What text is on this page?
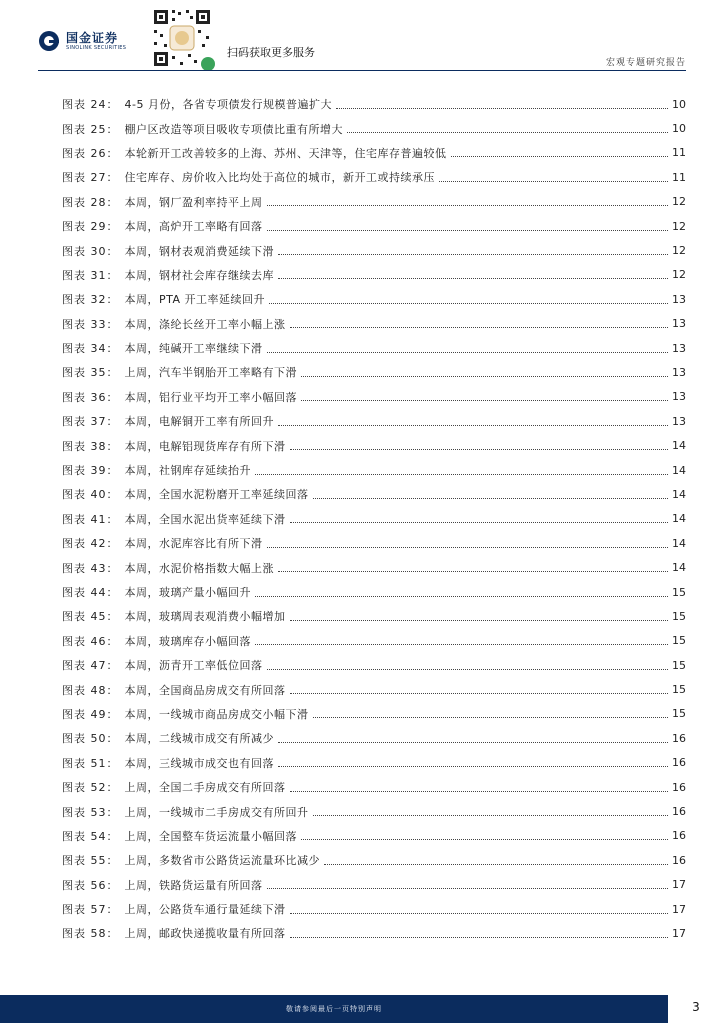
国金证券
SINOLINK SECURITIES	扫码获取更多服务
宏观专题研究报告
图表 24： 4-5 月份，各省专项债发行规模普遍扩大	10
图表 25： 棚户区改造等项目吸收专项债比重有所增大	10
图表 26： 本轮新开工改善较多的上海、苏州、天津等，住宅库存普遍较低	11
图表 27： 住宅库存、房价收入比均处于高位的城市，新开工或持续承压	11
图表 28： 本周，钢厂盈利率持平上周	12
图表 29： 本周，高炉开工率略有回落	12
图表 30： 本周，钢材表观消费延续下滑	12
图表 31： 本周，钢材社会库存继续去库	12
图表 32： 本周，PTA 开工率延续回升	13
图表 33： 本周，涤纶长丝开工率小幅上涨	13
图表 34： 本周，纯碱开工率继续下滑	13
图表 35： 上周，汽车半钢胎开工率略有下滑	13
图表 36： 本周，铝行业平均开工率小幅回落	13
图表 37： 本周，电解铜开工率有所回升	13
图表 38： 本周，电解铝现货库存有所下滑	14
图表 39： 本周，社钢库存延续抬升	14
图表 40： 本周，全国水泥粉磨开工率延续回落	14
图表 41： 本周，全国水泥出货率延续下滑	14
图表 42： 本周，水泥库容比有所下滑	14
图表 43： 本周，水泥价格指数大幅上涨	14
图表 44： 本周，玻璃产量小幅回升	15
图表 45： 本周，玻璃周表观消费小幅增加	15
图表 46： 本周，玻璃库存小幅回落	15
图表 47： 本周，沥青开工率低位回落	15
图表 48： 本周，全国商品房成交有所回落	15
图表 49： 本周，一线城市商品房成交小幅下滑	15
图表 50： 本周，二线城市成交有所减少	16
图表 51： 本周，三线城市成交也有回落	16
图表 52： 上周，全国二手房成交有所回落	16
图表 53： 上周，一线城市二手房成交有所回升	16
图表 54： 上周，全国整车货运流量小幅回落	16
图表 55： 上周，多数省市公路货运流量环比减少	16
图表 56： 上周，铁路货运量有所回落	17
图表 57： 上周，公路货车通行量延续下滑	17
图表 58： 上周，邮政快递揽收量有所回落	17
敬请参阅最后一页特别声明	3
